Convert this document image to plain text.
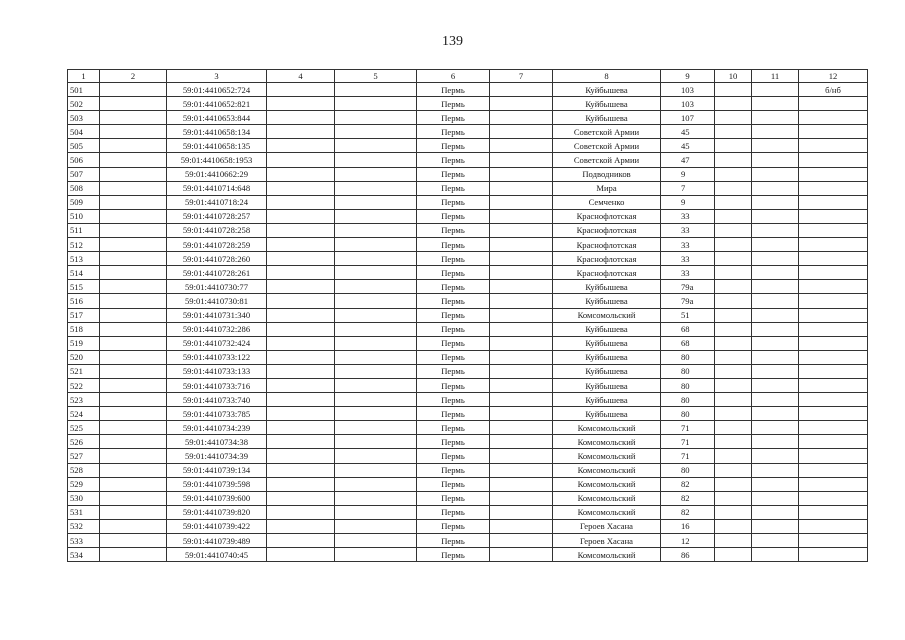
139
1	2	3	4	5	6	7	8	9	10	11	12
501		59:01:4410652:724			Пермь		Куйбышева	103			б/нб
502		59:01:4410652:821			Пермь		Куйбышева	103			
503		59:01:4410653:844			Пермь		Куйбышева	107			
504		59:01:4410658:134			Пермь		Советской Армии	45			
505		59:01:4410658:135			Пермь		Советской Армии	45			
506		59:01:4410658:1953			Пермь		Советской Армии	47			
507		59:01:4410662:29			Пермь		Подводников	9			
508		59:01:4410714:648			Пермь		Мира	7			
509		59:01:4410718:24			Пермь		Семченко	9			
510		59:01:4410728:257			Пермь		Краснофлотская	33			
511		59:01:4410728:258			Пермь		Краснофлотская	33			
512		59:01:4410728:259			Пермь		Краснофлотская	33			
513		59:01:4410728:260			Пермь		Краснофлотская	33			
514		59:01:4410728:261			Пермь		Краснофлотская	33			
515		59:01:4410730:77			Пермь		Куйбышева	79а			
516		59:01:4410730:81			Пермь		Куйбышева	79а			
517		59:01:4410731:340			Пермь		Комсомольский	51			
518		59:01:4410732:286			Пермь		Куйбышева	68			
519		59:01:4410732:424			Пермь		Куйбышева	68			
520		59:01:4410733:122			Пермь		Куйбышева	80			
521		59:01:4410733:133			Пермь		Куйбышева	80			
522		59:01:4410733:716			Пермь		Куйбышева	80			
523		59:01:4410733:740			Пермь		Куйбышева	80			
524		59:01:4410733:785			Пермь		Куйбышева	80			
525		59:01:4410734:239			Пермь		Комсомольский	71			
526		59:01:4410734:38			Пермь		Комсомольский	71			
527		59:01:4410734:39			Пермь		Комсомольский	71			
528		59:01:4410739:134			Пермь		Комсомольский	80			
529		59:01:4410739:598			Пермь		Комсомольский	82			
530		59:01:4410739:600			Пермь		Комсомольский	82			
531		59:01:4410739:820			Пермь		Комсомольский	82			
532		59:01:4410739:422			Пермь		Героев Хасана	16			
533		59:01:4410739:489			Пермь		Героев Хасана	12			
534		59:01:4410740:45			Пермь		Комсомольский	86			
